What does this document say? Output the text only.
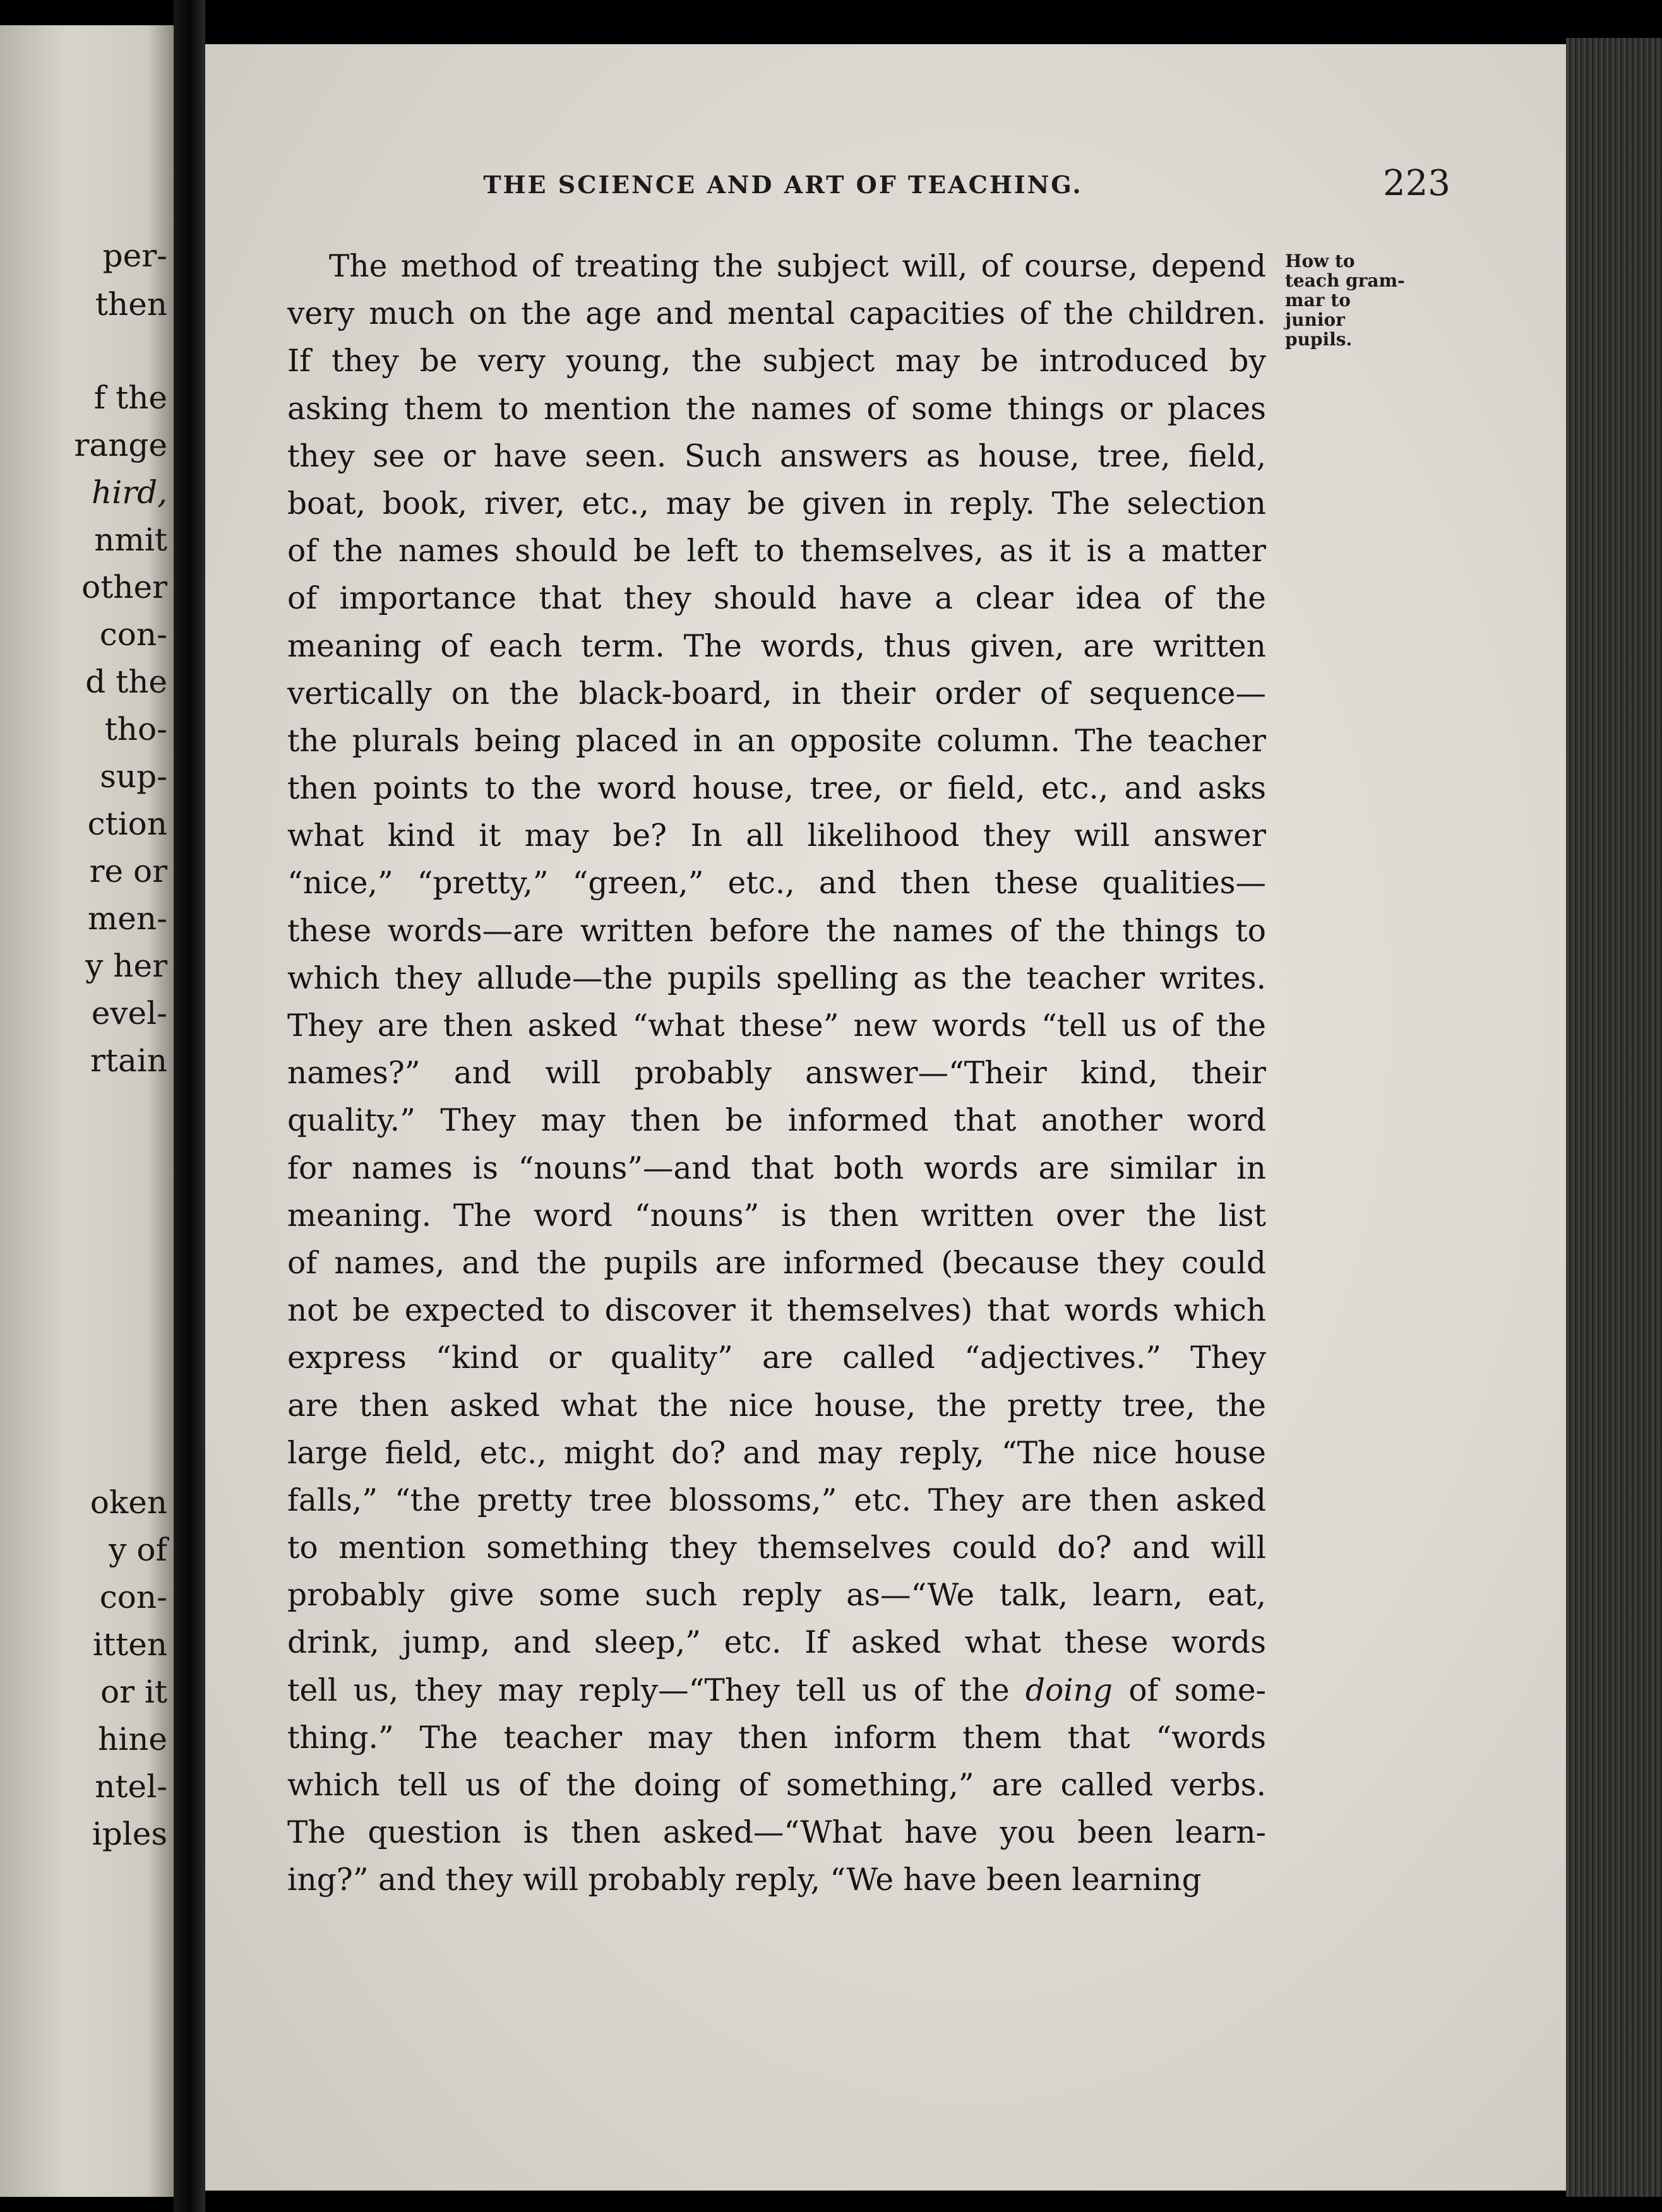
per-
then
f the
range
hird,
nmit
other
con-
d the
tho-
sup-
ction
re or
men-
y her
evel-
rtain
oken
y of
con-
itten
or it
hine
ntel-
iples
THE SCIENCE AND ART OF TEACHING.	223
How to
teach gram-
mar to
junior
pupils.
The method of treating the subject will, of course, depend
very much on the age and mental capacities of the children.
If they be very young, the subject may be introduced by
asking them to mention the names of some things or places
they see or have seen. Such answers as house, tree, field,
boat, book, river, etc., may be given in reply. The selection
of the names should be left to themselves, as it is a matter
of importance that they should have a clear idea of the
meaning of each term. The words, thus given, are written
vertically on the black-board, in their order of sequence—
the plurals being placed in an opposite column. The teacher
then points to the word house, tree, or field, etc., and asks
what kind it may be? In all likelihood they will answer
“nice,” “pretty,” “green,” etc., and then these qualities—
these words—are written before the names of the things to
which they allude—the pupils spelling as the teacher writes.
They are then asked “what these” new words “tell us of the
names?” and will probably answer—“Their kind, their
quality.” They may then be informed that another word
for names is “nouns”—and that both words are similar in
meaning. The word “nouns” is then written over the list
of names, and the pupils are informed (because they could
not be expected to discover it themselves) that words which
express “kind or quality” are called “adjectives.” They
are then asked what the nice house, the pretty tree, the
large field, etc., might do? and may reply, “The nice house
falls,” “the pretty tree blossoms,” etc. They are then asked
to mention something they themselves could do? and will
probably give some such reply as—“We talk, learn, eat,
drink, jump, and sleep,” etc. If asked what these words
tell us, they may reply—“They tell us of the doing of some-
thing.” The teacher may then inform them that “words
which tell us of the doing of something,” are called verbs.
The question is then asked—“What have you been learn-
ing?” and they will probably reply, “We have been learning
